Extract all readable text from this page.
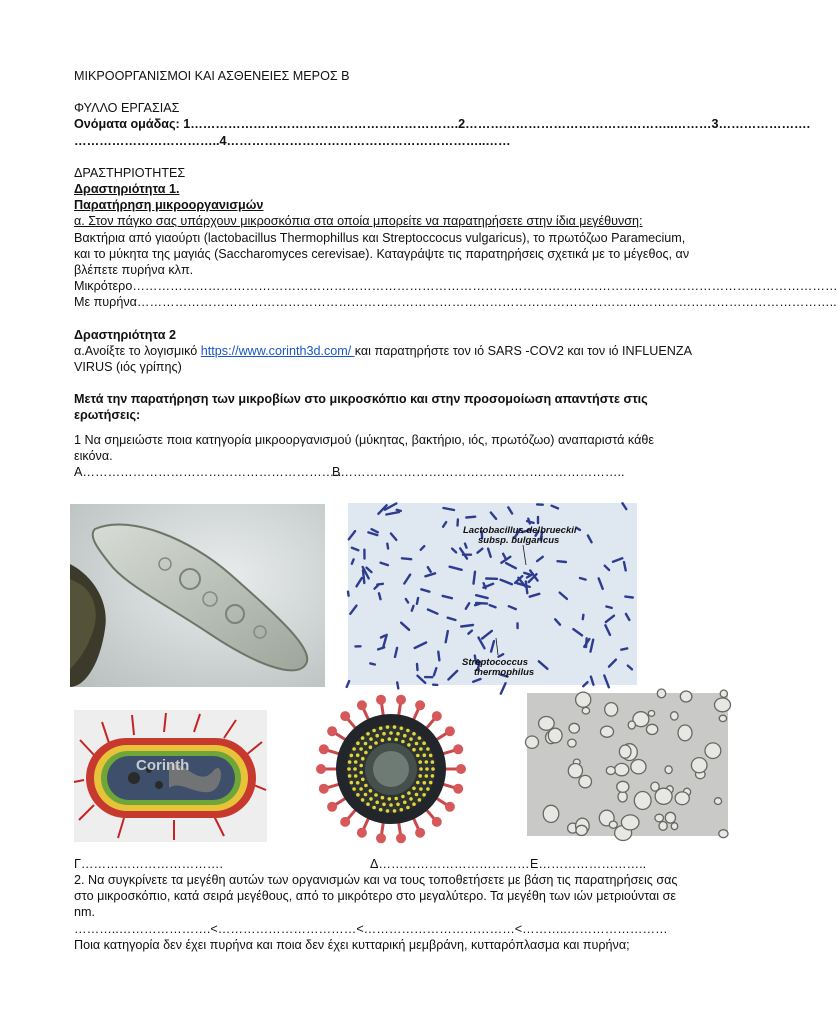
ΜΙΚΡΟΟΡΓΑΝΙΣΜΟΙ ΚΑΙ ΑΣΘΕΝΕΙΕΣ ΜΕΡΟΣ Β

ΦΥΛΛΟ ΕΡΓΑΣΙΑΣ

Ονόματα ομάδας: 1……………………………………………………….2…………………………………………..………3………………….

……………………………..4……………………………………………………..……

ΔΡΑΣΤΗΡΙΟΤΗΤΕΣ

Δραστηριότητα 1.

Παρατήρηση μικροοργανισμών

α. Στον πάγκο σας υπάρχουν μικροσκόπια στα οποία μπορείτε να παρατηρήσετε στην ίδια μεγέθυνση:

Βακτήρια από γιαούρτι (lactobacillus Thermophillus και Streptoccocus vulgaricus), το πρωτόζωο Paramecium, και το μύκητα της μαγιάς (Saccharomyces cerevisae). Καταγράψτε τις παρατηρήσεις σχετικά με το μέγεθος, αν βλέπετε πυρήνα κλπ.

Μικρότερο……………………………………………………………………………………………………………………………………………………

Με πυρήνα…………………………………………………………………………………………………………………………………………………..

Δραστηριότητα 2

α.Ανοίξτε το λογισμικό https://www.corinth3d.com/ και παρατηρήστε τον ιό SARS -COV2 και τον ιό INFLUENZA VIRUS (ιός γρίπης)

Μετά την παρατήρηση των μικροβίων στο μικροσκόπιο και στην προσομοίωση απαντήστε στις ερωτήσεις:

1 Να σημειώστε ποια κατηγορία μικροοργανισμού (μύκητας, βακτήριο, ιός, πρωτόζωο) αναπαριστά κάθε εικόνα.

Α……………………………………………………..
Β…………………………………………………………..
Lactobacillus delbrueckii
subsp. bulgaricus
Streptococcus
thermophilus
Corinth
Γ…………………………….	Δ……………………………… Ε……………………..

2. Να συγκρίνετε τα μεγέθη αυτών των οργανισμών και να τους τοποθετήσετε με βάση τις παρατηρήσεις σας στο μικροσκόπιο, κατά σειρά μεγέθους, από το μικρότερο στο μεγαλύτερο. Τα μεγέθη των ιών μετριούνται σε nm.

………..………………….<……………………………<………………………………<………..……………………

Ποια κατηγορία δεν έχει πυρήνα και ποια δεν έχει κυτταρική μεμβράνη, κυτταρόπλασμα και πυρήνα;
